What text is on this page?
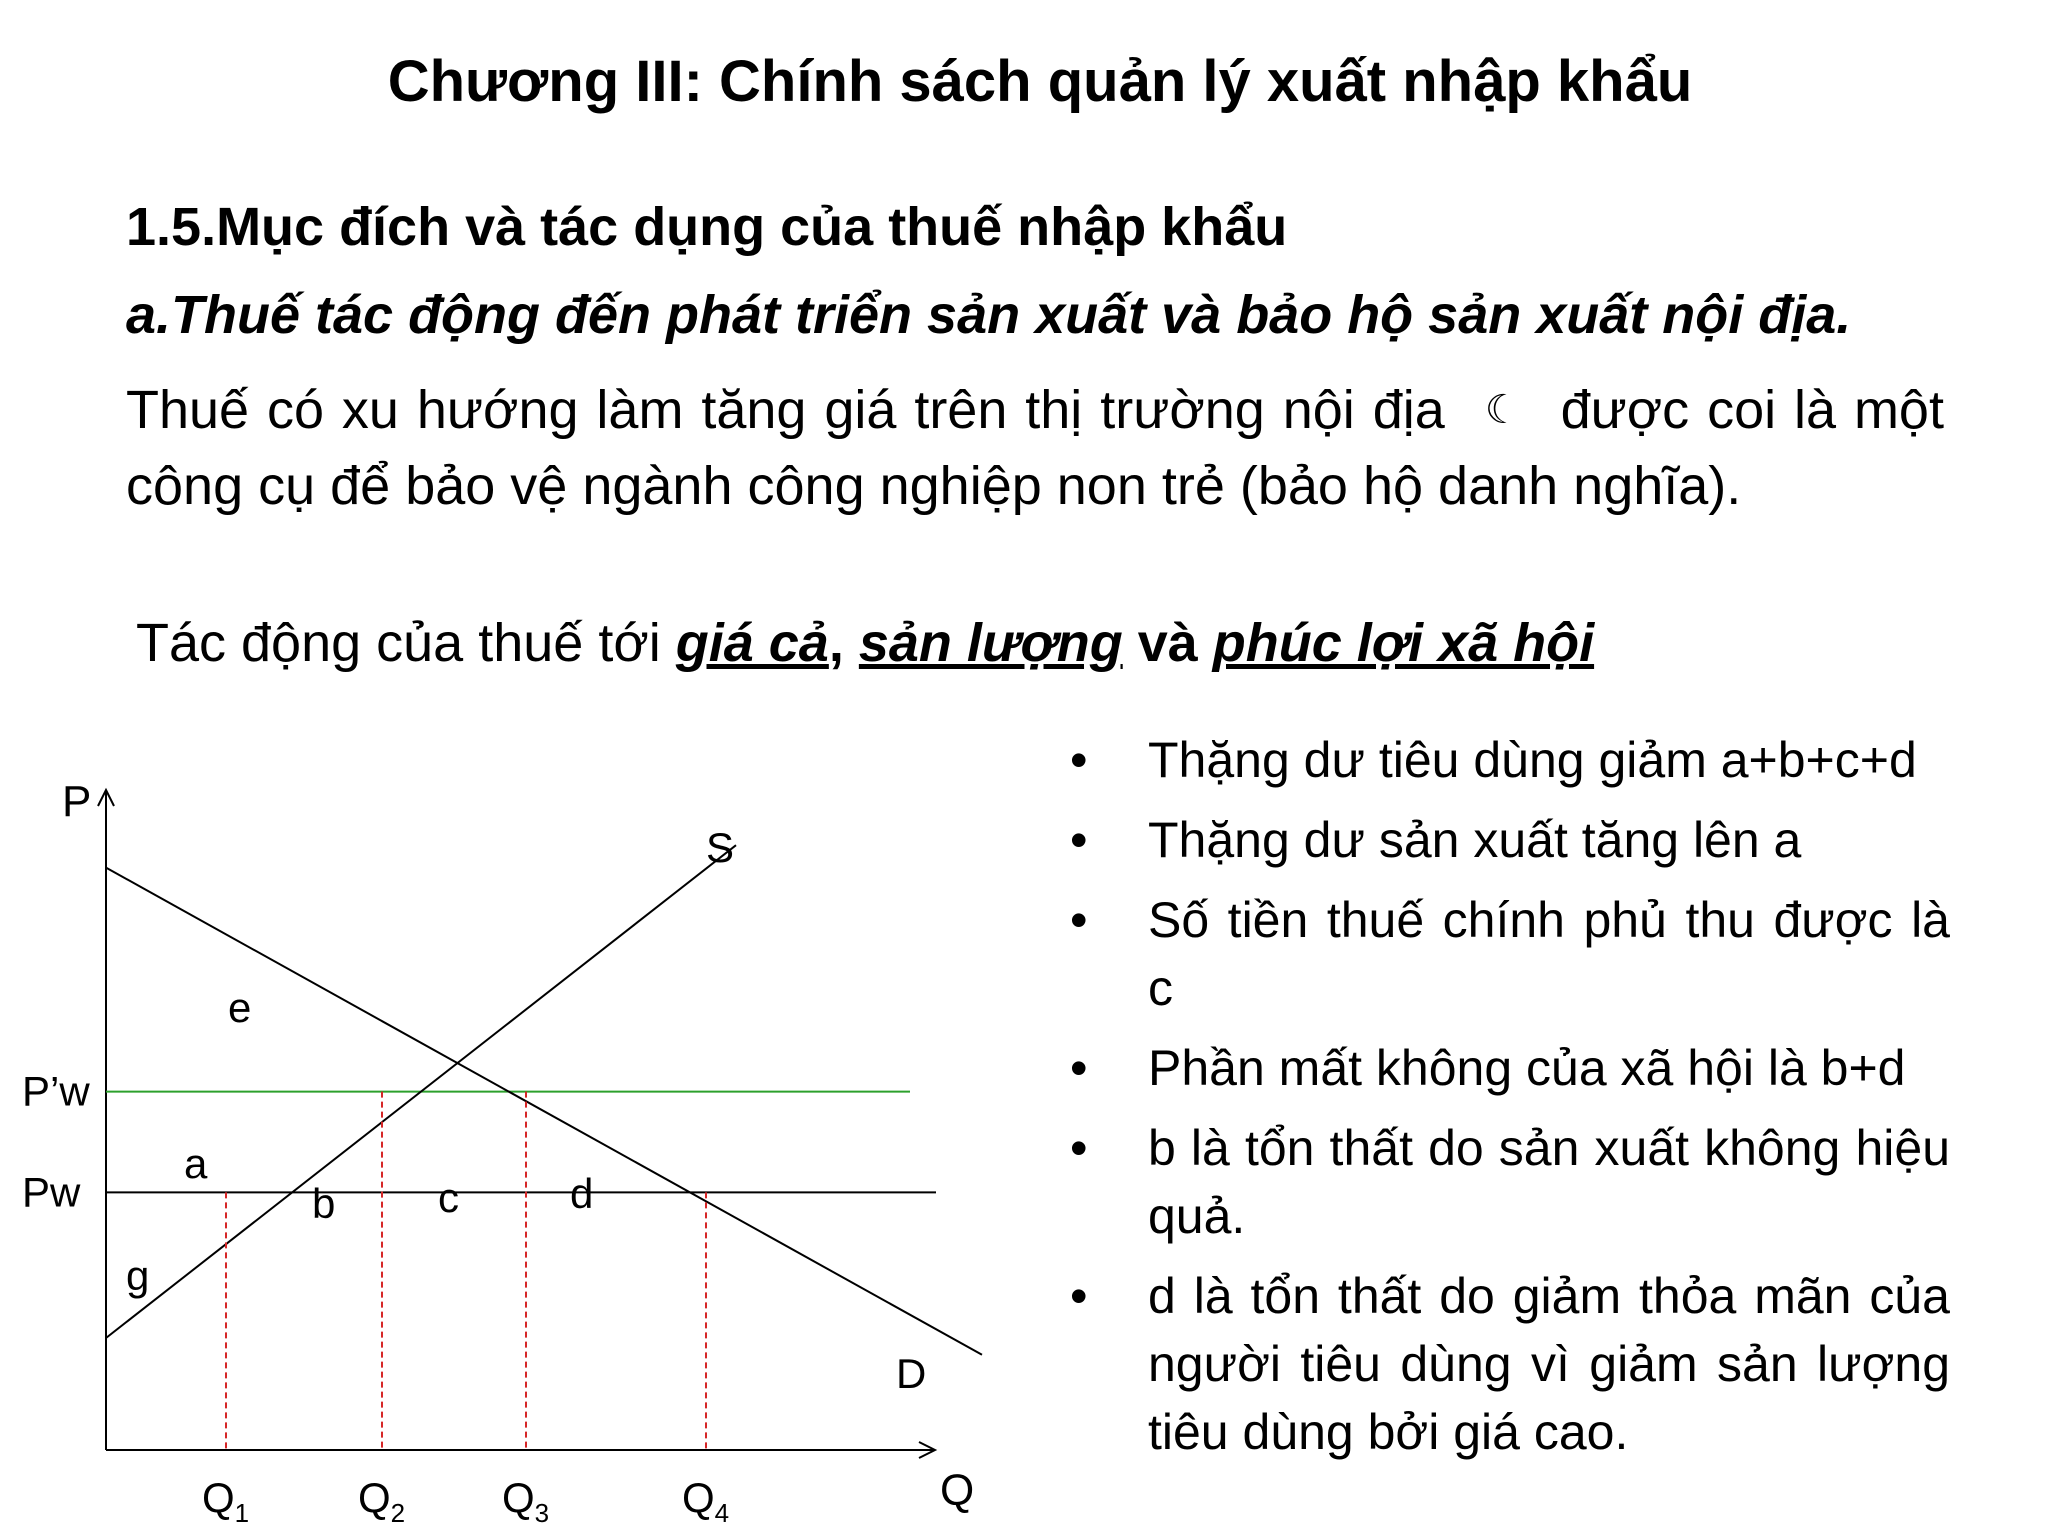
Chương III: Chính sách quản lý xuất nhập khẩu
1.5.Mục đích và tác dụng của thuế nhập khẩu
a.Thuế tác động đến phát triển sản xuất và bảo hộ sản xuất nội địa.
Thuế có xu hướng làm tăng giá trên thị trường nội địa ☾ được coi là một công cụ để bảo vệ ngành công nghiệp non trẻ (bảo hộ danh nghĩa).
Tác động của thuế tới giá cả, sản lượng và phúc lợi xã hội
• Thặng dư tiêu dùng giảm a+b+c+d
• Thặng dư sản xuất tăng lên a
• Số tiền thuế chính phủ thu được là c
• Phần mất không của xã hội là b+d
• b là tổn thất do sản xuất không hiệu quả.
• d là tổn thất do giảm thỏa mãn của người tiêu dùng vì giảm sản lượng tiêu dùng bởi giá cao.
P
Q
P’w
Pw
S
D
$Q_1$	$Q_2$ $Q_3$	$Q_4$
e
a
b c	d
g
